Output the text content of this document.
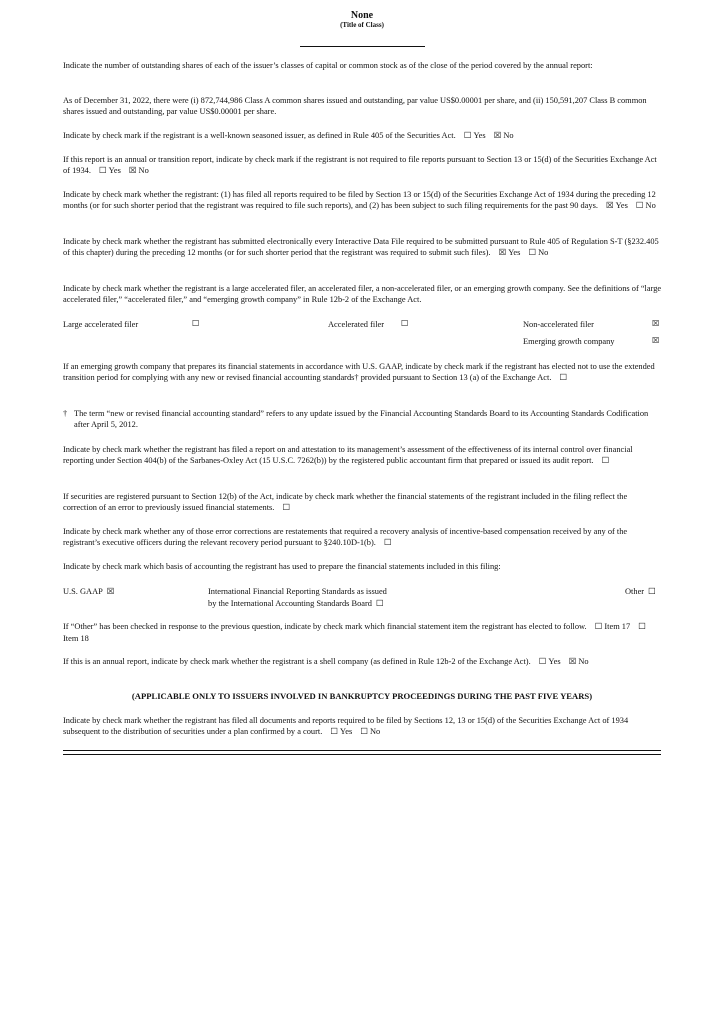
None
(Title of Class)

Indicate the number of outstanding shares of each of the issuer’s classes of capital or common stock as of the close of the period covered by the annual report:

As of December 31, 2022, there were (i) 872,744,986 Class A common shares issued and outstanding, par value US$0.00001 per share, and (ii) 150,591,207 Class B common shares issued and outstanding, par value US$0.00001 per share.

Indicate by check mark if the registrant is a well-known seasoned issuer, as defined in Rule 405 of the Securities Act. ☐ Yes ☒ No

If this report is an annual or transition report, indicate by check mark if the registrant is not required to file reports pursuant to Section 13 or 15(d) of the Securities Exchange Act of 1934. ☐ Yes ☒ No

Indicate by check mark whether the registrant: (1) has filed all reports required to be filed by Section 13 or 15(d) of the Securities Exchange Act of 1934 during the preceding 12 months (or for such shorter period that the registrant was required to file such reports), and (2) has been subject to such filing requirements for the past 90 days. ☒ Yes ☐ No

Indicate by check mark whether the registrant has submitted electronically every Interactive Data File required to be submitted pursuant to Rule 405 of Regulation S-T (§232.405 of this chapter) during the preceding 12 months (or for such shorter period that the registrant was required to submit such files). ☒ Yes ☐ No

Indicate by check mark whether the registrant is a large accelerated filer, an accelerated filer, a non-accelerated filer, or an emerging growth company. See the definitions of “large accelerated filer,” “accelerated filer,” and “emerging growth company” in Rule 12b-2 of the Exchange Act.

Large accelerated filer	☐	Accelerated filer ☐	Non-accelerated filer	☒
Emerging growth company	☒

If an emerging growth company that prepares its financial statements in accordance with U.S. GAAP, indicate by check mark if the registrant has elected not to use the extended transition period for complying with any new or revised financial accounting standards† provided pursuant to Section 13 (a) of the Exchange Act. ☐

† The term “new or revised financial accounting standard” refers to any update issued by the Financial Accounting Standards Board to its Accounting Standards Codification after April 5, 2012.

Indicate by check mark whether the registrant has filed a report on and attestation to its management’s assessment of the effectiveness of its internal control over financial reporting under Section 404(b) of the Sarbanes-Oxley Act (15 U.S.C. 7262(b)) by the registered public accountant firm that prepared or issued its audit report. ☐

If securities are registered pursuant to Section 12(b) of the Act, indicate by check mark whether the financial statements of the registrant included in the filing reflect the correction of an error to previously issued financial statements. ☐

Indicate by check mark whether any of those error corrections are restatements that required a recovery analysis of incentive-based compensation received by any of the registrant’s executive officers during the relevant recovery period pursuant to §240.10D-1(b). ☐

Indicate by check mark which basis of accounting the registrant has used to prepare the financial statements included in this filing:

U.S. GAAP ☒	International Financial Reporting Standards as issued
by the International Accounting Standards Board ☐
Other ☐

If “Other” has been checked in response to the previous question, indicate by check mark which financial statement item the registrant has elected to follow. ☐ Item 17 ☐Item 18

If this is an annual report, indicate by check mark whether the registrant is a shell company (as defined in Rule 12b-2 of the Exchange Act). ☐ Yes ☒ No

(APPLICABLE ONLY TO ISSUERS INVOLVED IN BANKRUPTCY PROCEEDINGS DURING THE PAST FIVE YEARS)

Indicate by check mark whether the registrant has filed all documents and reports required to be filed by Sections 12, 13 or 15(d) of the Securities Exchange Act of 1934 subsequent to the distribution of securities under a plan confirmed by a court. ☐ Yes ☐ No
